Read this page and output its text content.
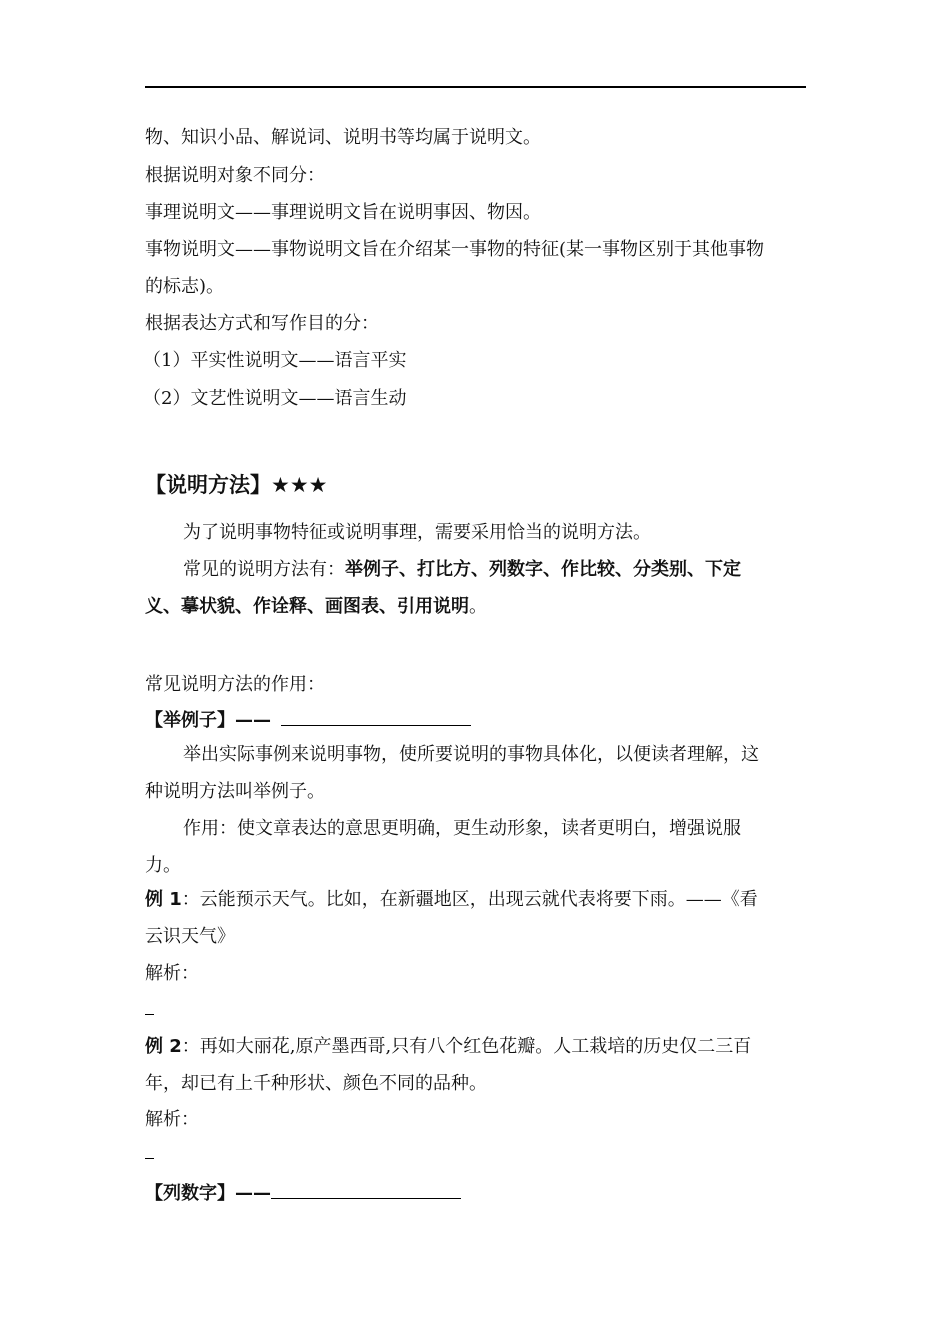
物、知识小品、解说词、说明书等均属于说明文。
根据说明对象不同分：
事理说明文——事理说明文旨在说明事因、物因。
事物说明文——事物说明文旨在介绍某一事物的特征(某一事物区别于其他事物
的标志)。
根据表达方式和写作目的分：
（1）平实性说明文——语言平实
（2）文艺性说明文——语言生动
【说明方法】★★★
为了说明事物特征或说明事理，需要采用恰当的说明方法。
常见的说明方法有：举例子、打比方、列数字、作比较、分类别、下定
义、摹状貌、作诠释、画图表、引用说明。
常见说明方法的作用：
【举例子】——
举出实际事例来说明事物，使所要说明的事物具体化，以便读者理解，这
种说明方法叫举例子。
作用：使文章表达的意思更明确，更生动形象，读者更明白，增强说服
力。
例 1：云能预示天气。比如，在新疆地区，出现云就代表将要下雨。——《看
云识天气》
解析：
例 2：再如大丽花,原产墨西哥,只有八个红色花瓣。人工栽培的历史仅二三百
年，却已有上千种形状、颜色不同的品种。
解析：
【列数字】——
